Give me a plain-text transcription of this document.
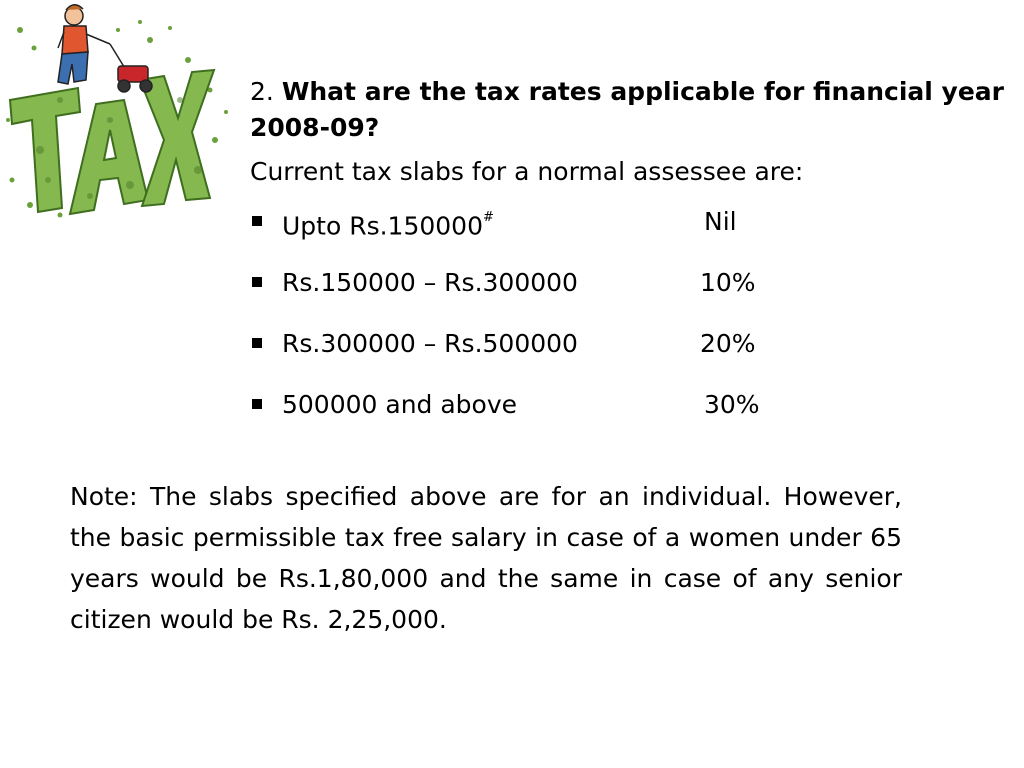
2. What are the tax rates applicable for financial year 2008-09?

Current tax slabs for a normal assessee are:

Upto Rs.150000#	Nil
Rs.150000 – Rs.300000	10%
Rs.300000 – Rs.500000	20%
500000 and above	30%

Note: The slabs specified above are for an individual. However, the basic permissible tax free salary in case of a women under 65 years would be Rs.1,80,000 and the same in case of any senior citizen would be Rs. 2,25,000.
